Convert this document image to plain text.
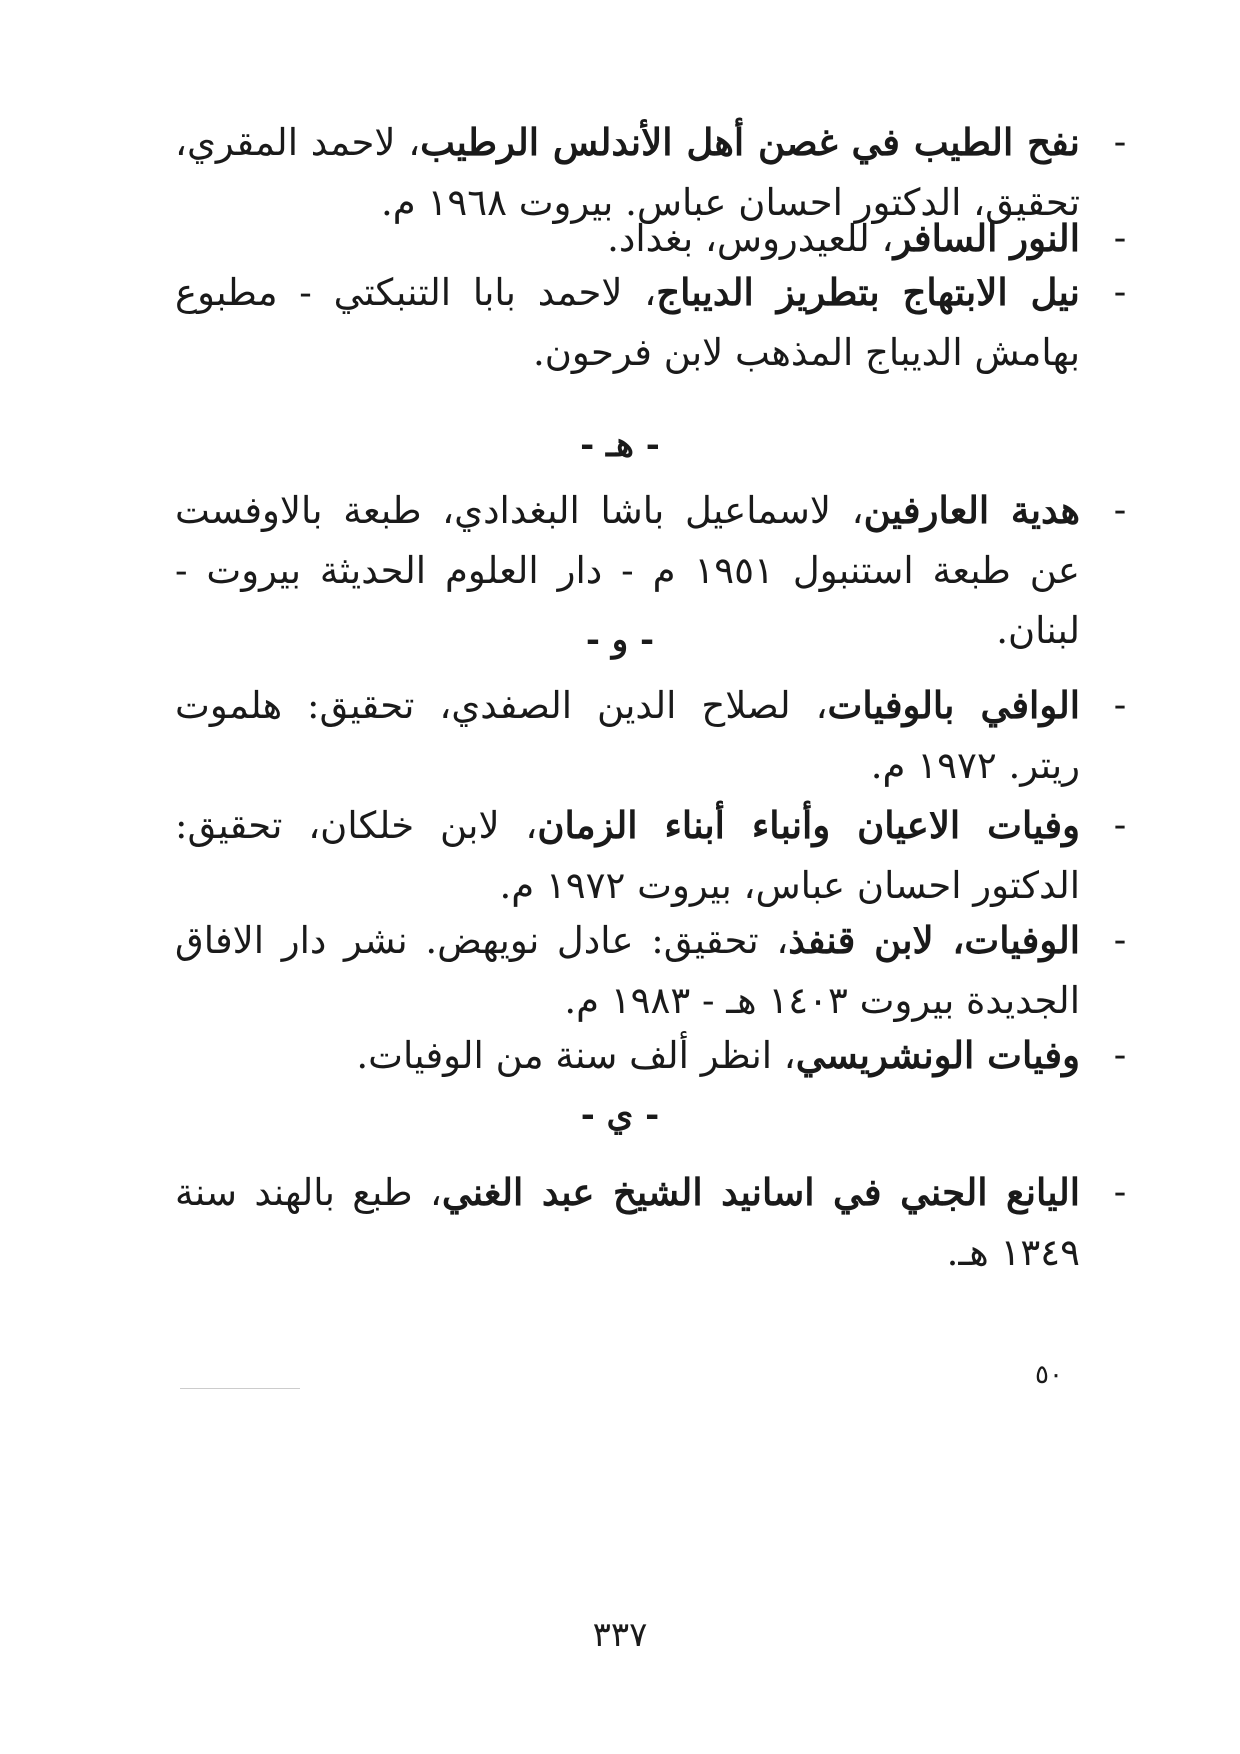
-
نفح الطيب في غصن أهل الأندلس الرطيب، لاحمد المقري، تحقيق، الدكتور احسان عباس. بيروت ١٩٦٨ م.
-
النور السافر، للعيدروس، بغداد.
-
نيل الابتهاج بتطريز الديباج، لاحمد بابا التنبكتي - مطبوع بهامش الديباج المذهب لابن فرحون.
- هـ -
-
هدية العارفين، لاسماعيل باشا البغدادي، طبعة بالاوفست عن طبعة استنبول ١٩٥١ م - دار العلوم الحديثة بيروت - لبنان.
- و -
-
الوافي بالوفيات، لصلاح الدين الصفدي، تحقيق: هلموت ريتر. ١٩٧٢ م.
-
وفيات الاعيان وأنباء أبناء الزمان، لابن خلكان، تحقيق: الدكتور احسان عباس، بيروت ١٩٧٢ م.
-
الوفيات، لابن قنفذ، تحقيق: عادل نويهض. نشر دار الافاق الجديدة بيروت ١٤٠٣ هـ - ١٩٨٣ م.
-
وفيات الونشريسي، انظر ألف سنة من الوفيات.
- ي -
-
اليانع الجني في اسانيد الشيخ عبد الغني، طبع بالهند سنة ١٣٤٩ هـ.
٥٠
٣٣٧
